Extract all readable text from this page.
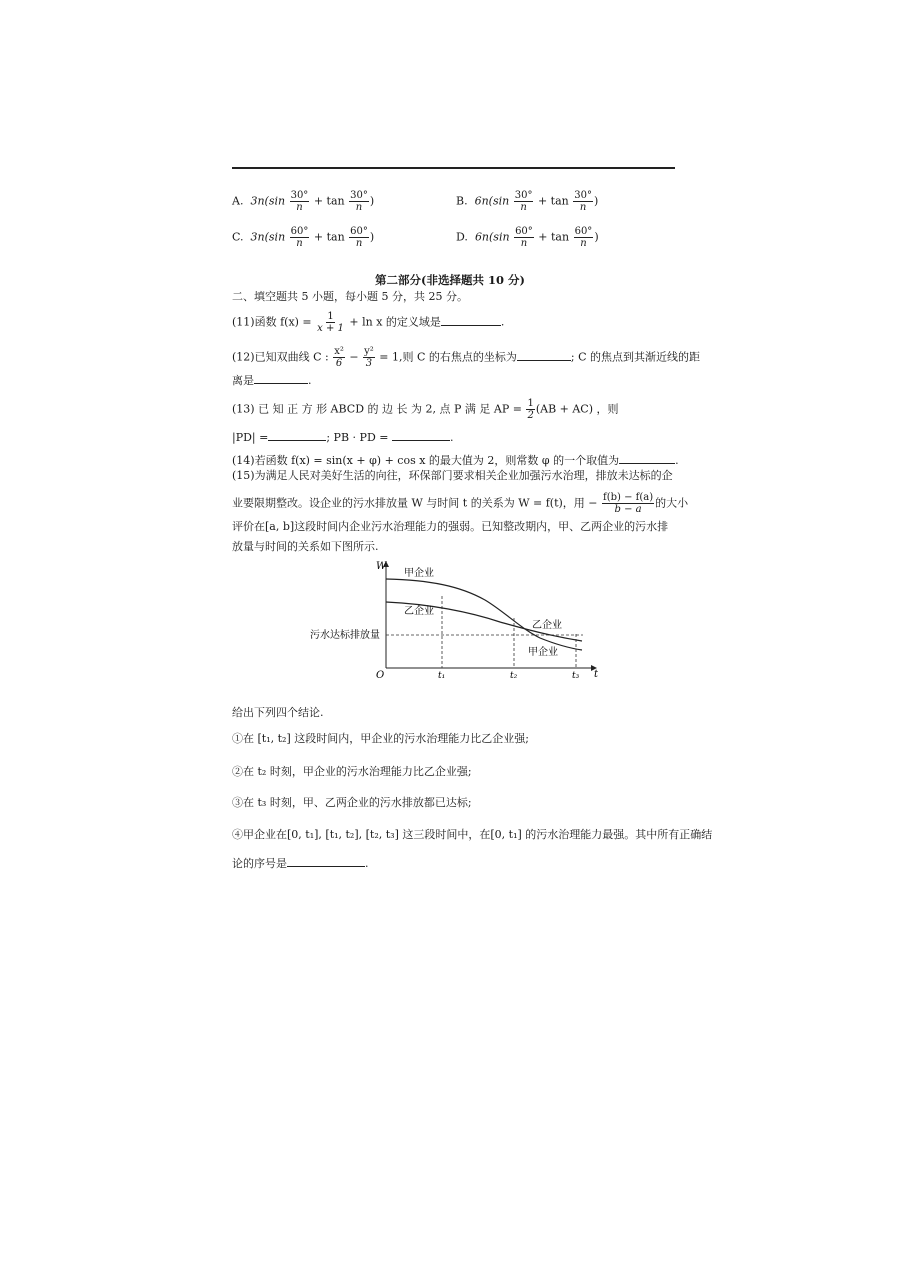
A. $3n(\sin \frac{30^\circ}{n} + \tan \frac{30^\circ}{n}$ )	B. $6n(\sin \frac{30^\circ}{n} + \tan \frac{30^\circ}{n}$ )
C. $3n(\sin \frac{60^\circ}{n} + \tan \frac{60^\circ}{n}$ )	D. $6n(\sin \frac{60^\circ}{n} + \tan \frac{60^\circ}{n}$ )
第二部分(非选择题共 10 分)
二、填空题共 5 小题，每小题 5 分，共 25 分。
(11)函数 $f(x) = \frac{1}{x + 1} + \ln x$ 的定义域是	.
(12)已知双曲线 C : $\frac{\text{x²}}{6} - \frac{\text{y²}}{3} = 1$,则 C 的右焦点的坐标为	; C 的焦点到其渐近线的距
离是	.
(13) 已 知 正 方 形 ABCD 的 边 长 为 2, 点 P 满 足 AP = $\frac{1}{2} (AB + AC)$ ，则
|PD| =	; PB · PD =	.
(14)若函数 f(x) = sin(x + φ) + cos x 的最大值为 2，则常数 φ 的一个取值为	.
(15)为满足人民对美好生活的向往，环保部门要求相关企业加强污水治理，排放未达标的企
业要限期整改。设企业的污水排放量 W 与时间 t 的关系为 W = f(t)，用 − $\frac{f(b) - f(a)}{b - a}$ 的大小
评价在[a, b]这段时间内企业污水治理能力的强弱。已知整改期内，甲、乙两企业的污水排
放量与时间的关系如下图所示.
W
t
O
污水达标排放量
t₁	t₂	t₃
甲企业
乙企业
乙企业
甲企业
给出下列四个结论.
①在 [t₁, t₂] 这段时间内，甲企业的污水治理能力比乙企业强;
②在 t₂ 时刻，甲企业的污水治理能力比乙企业强;
③在 t₃ 时刻，甲、乙两企业的污水排放都已达标;
④甲企业在[0, t₁], [t₁, t₂], [t₂, t₃] 这三段时间中，在[0, t₁] 的污水治理能力最强。其中所有正确结
论的序号是	.
